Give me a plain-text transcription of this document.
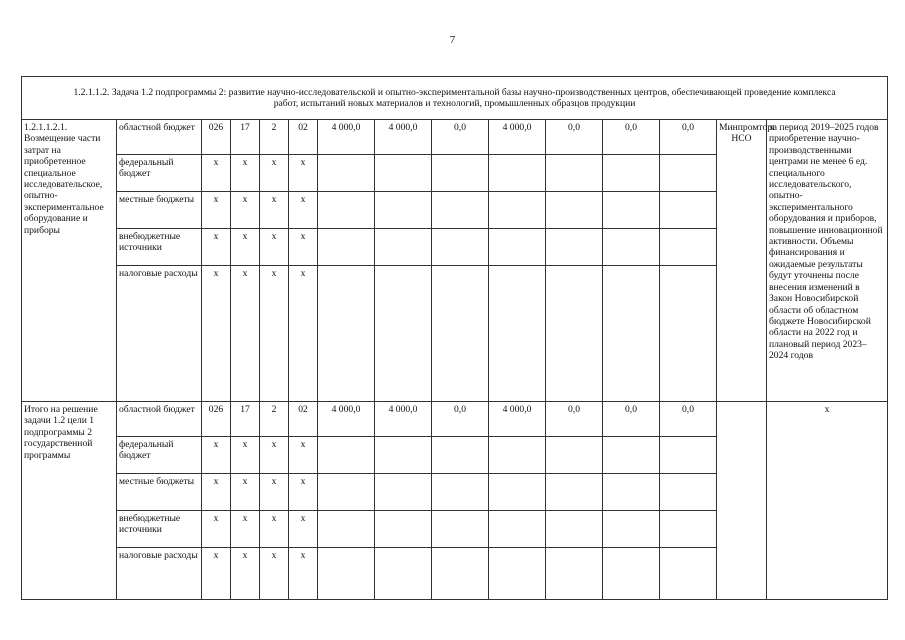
7
1.2.1.1.2. Задача 1.2 подпрограммы 2: развитие научно-исследовательской и опытно-экспериментальной базы научно-производственных центров, обеспечивающей проведение комплекса работ, испытаний новых материалов и технологий, промышленных образцов продукции														
1.2.1.1.2.1. Возмещение части затрат на приобретенное специальное исследовательское, опытно-экспериментальное оборудование и приборы	областной бюджет	026	17	2	02	4 000,0	4 000,0	0,0	4 000,0	0,0	0,0	0,0	Минпромторг НСО	за период 2019–2025 годов приобретение научно-производственными центрами не менее 6 ед. специального исследовательского, опытно-экспериментального оборудования и приборов, повышение инновационной активности. Объемы финансирования и ожидаемые результаты будут уточнены после внесения изменений в Закон Новосибирской области об областном бюджете Новосибирской области на 2022 год и плановый период 2023–2024 годов
	федеральный бюджет	x	x	x	x									
	местные бюджеты	x	x	x	x									
	внебюджетные источники	x	x	x	x									
	налоговые расходы	x	x	x	x									
Итого на решение задачи 1.2 цели 1 подпрограммы 2 государственной программы	областной бюджет	026	17	2	02	4 000,0	4 000,0	0,0	4 000,0	0,0	0,0	0,0		x
	федеральный бюджет	x	x	x	x									
	местные бюджеты	x	x	x	x									
	внебюджетные источники	x	x	x	x									
	налоговые расходы	x	x	x	x									
